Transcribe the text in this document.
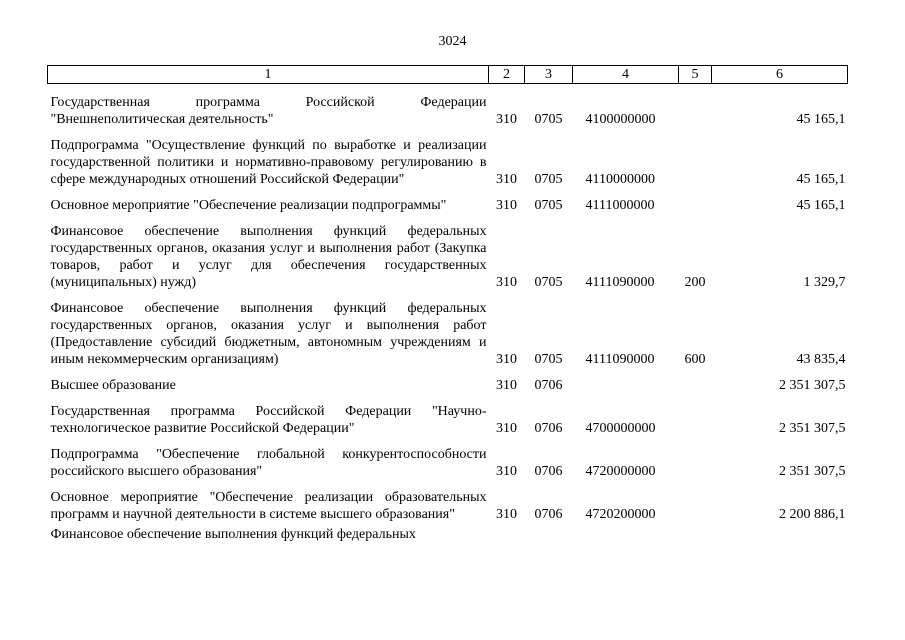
3024
1	2	3	4	5	6
Государственная программа Российской Федерации "Внешнеполитическая деятельность"	310	0705	4100000000		45 165,1
Подпрограмма "Осуществление функций по выработке и реализации государственной политики и нормативно-правовому регулированию в сфере международных отношений Российской Федерации"	310	0705	4110000000		45 165,1
Основное мероприятие "Обеспечение реализации подпрограммы"	310	0705	4111000000		45 165,1
Финансовое обеспечение выполнения функций федеральных государственных органов, оказания услуг и выполнения работ (Закупка товаров, работ и услуг для обеспечения государственных (муниципальных) нужд)	310	0705	4111090000	200	1 329,7
Финансовое обеспечение выполнения функций федеральных государственных органов, оказания услуг и выполнения работ (Предоставление субсидий бюджетным, автономным учреждениям и иным некоммерческим организациям)	310	0705	4111090000	600	43 835,4
Высшее образование	310	0706			2 351 307,5
Государственная программа Российской Федерации "Научно-технологическое развитие Российской Федерации"	310	0706	4700000000		2 351 307,5
Подпрограмма "Обеспечение глобальной конкурентоспособности российского высшего образования"	310	0706	4720000000		2 351 307,5
Основное мероприятие "Обеспечение реализации образовательных программ и научной деятельности в системе высшего образования"	310	0706	4720200000		2 200 886,1
Финансовое обеспечение выполнения функций федеральных					
